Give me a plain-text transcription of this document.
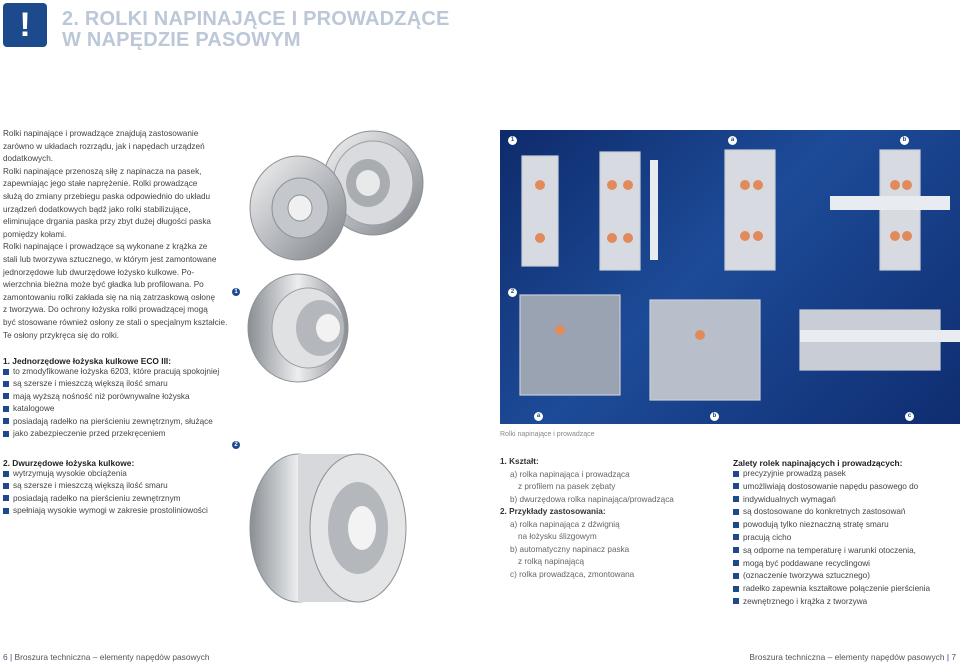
!	2. ROLKI NAPINAJĄCE I PROWADZĄCE
W NAPĘDZIE PASOWYM

Rolki napinające i prowadzące znajdują zastosowanie

zarówno w układach rozrządu, jak i napędach urządzeń

dodatkowych.

Rolki napinające przenoszą siłę z napinacza na pasek,

zapewniając jego stałe naprężenie. Rolki prowadzące

służą do zmiany przebiegu paska odpowiednio do układu

urządzeń dodatkowych bądź jako rolki stabilizujące,

eliminujące drgania paska przy zbyt dużej długości paska

pomiędzy kołami.

Rolki napinające i prowadzące są wykonane z krążka ze

stali lub tworzywa sztucznego, w którym jest zamontowane

jednorzędowe lub dwurzędowe łożysko kulkowe. Po-

wierzchnia bieżna może być gładka lub profilowana. Po

zamontowaniu rolki zakłada się na nią zatrzaskową osłonę

z tworzywa. Do ochrony łożyska rolki prowadzącej mogą

być stosowane również osłony ze stali o specjalnym kształcie.

Te osłony przykręca się do rolki.

1. Jednorzędowe łożyska kulkowe ECO III:
to zmodyfikowane łożyska 6203, które pracują spokojniej
są szersze i mieszczą większą ilość smaru
mają wyższą nośność niż porównywalne łożyska
katalogowe
posiadają radełko na pierścieniu zewnętrznym, służące
jako zabezpieczenie przed przekręceniem
2. Dwurzędowe łożyska kulkowe:
wytrzymują wysokie obciążenia
są szersze i mieszczą większą ilość smaru
posiadają radełko na pierścieniu zewnętrznym
spełniają wysokie wymogi w zakresie prostoliniowości
1
2
1	a	b
2
a	b	c
Rolki napinające i prowadzące
1. Kształt:
a) rolka napinająca i prowadząca
z profilem na pasek zębaty
b) dwurzędowa rolka napinająca/prowadząca
2. Przykłady zastosowania:
a) rolka napinająca z dźwignią
na łożysku ślizgowym
b) automatyczny napinacz paska
z rolką napinającą
c) rolka prowadząca, zmontowana
Zalety rolek napinających i prowadzących:
precyzyjnie prowadzą pasek
umożliwiają dostosowanie napędu pasowego do
indywidualnych wymagań
są dostosowane do konkretnych zastosowań
powodują tylko nieznaczną stratę smaru
pracują cicho
są odporne na temperaturę i warunki otoczenia,
mogą być poddawane recyclingowi
(oznaczenie tworzywa sztucznego)
radełko zapewnia kształtowe połączenie pierścienia
zewnętrznego i krążka z tworzywa
6 | Broszura techniczna – elementy napędów pasowych	Broszura techniczna – elementy napędów pasowych | 7
